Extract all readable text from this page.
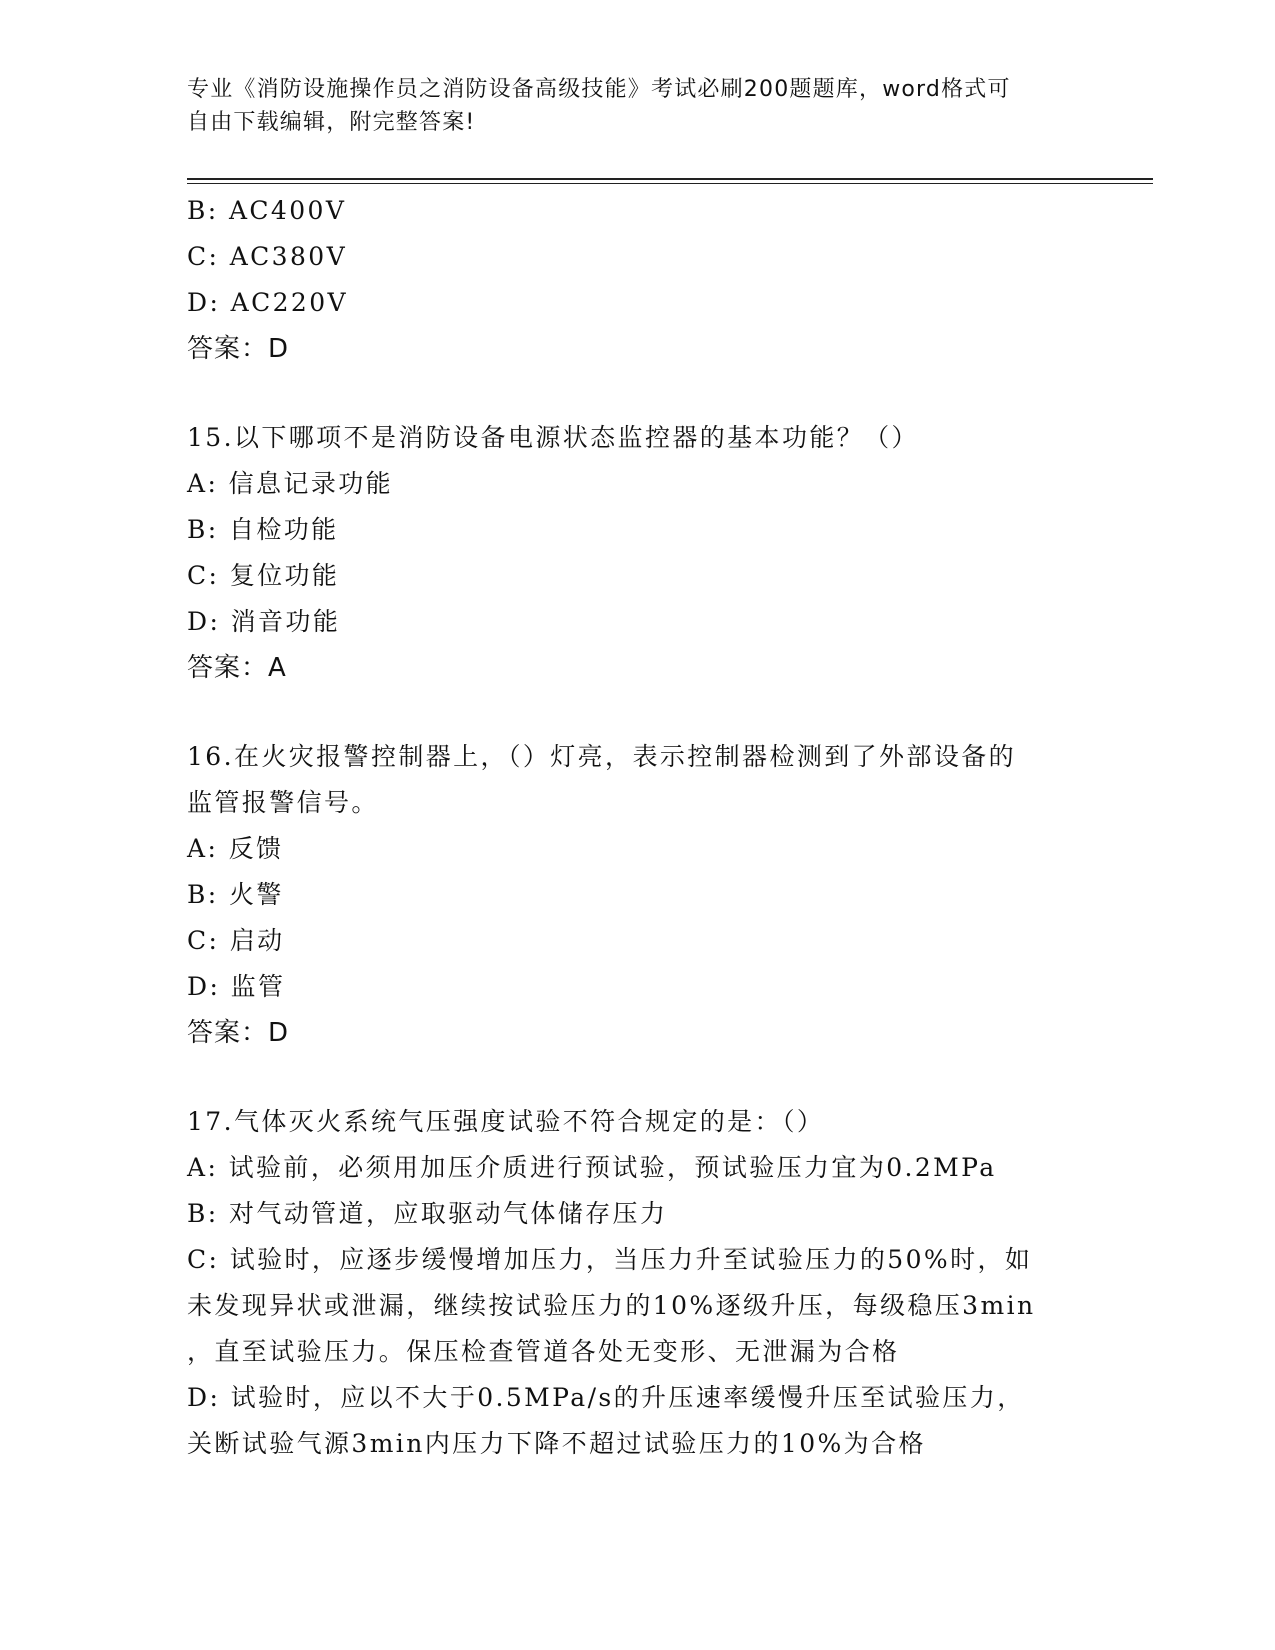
专业《消防设施操作员之消防设备高级技能》考试必刷200题题库，word格式可
自由下载编辑，附完整答案!
B: AC400V
C: AC380V
D: AC220V
答案：D
15.以下哪项不是消防设备电源状态监控器的基本功能？（）
A: 信息记录功能
B: 自检功能
C: 复位功能
D: 消音功能
答案：A
16.在火灾报警控制器上，（）灯亮，表示控制器检测到了外部设备的
监管报警信号。
A: 反馈
B: 火警
C: 启动
D: 监管
答案：D
17.气体灭火系统气压强度试验不符合规定的是：（）
A: 试验前，必须用加压介质进行预试验，预试验压力宜为0.2MPa
B: 对气动管道，应取驱动气体储存压力
C: 试验时，应逐步缓慢增加压力，当压力升至试验压力的50%时，如
未发现异状或泄漏，继续按试验压力的10%逐级升压，每级稳压3min
，直至试验压力。保压检查管道各处无变形、无泄漏为合格
D: 试验时，应以不大于0.5MPa/s的升压速率缓慢升压至试验压力，
关断试验气源3min内压力下降不超过试验压力的10%为合格
